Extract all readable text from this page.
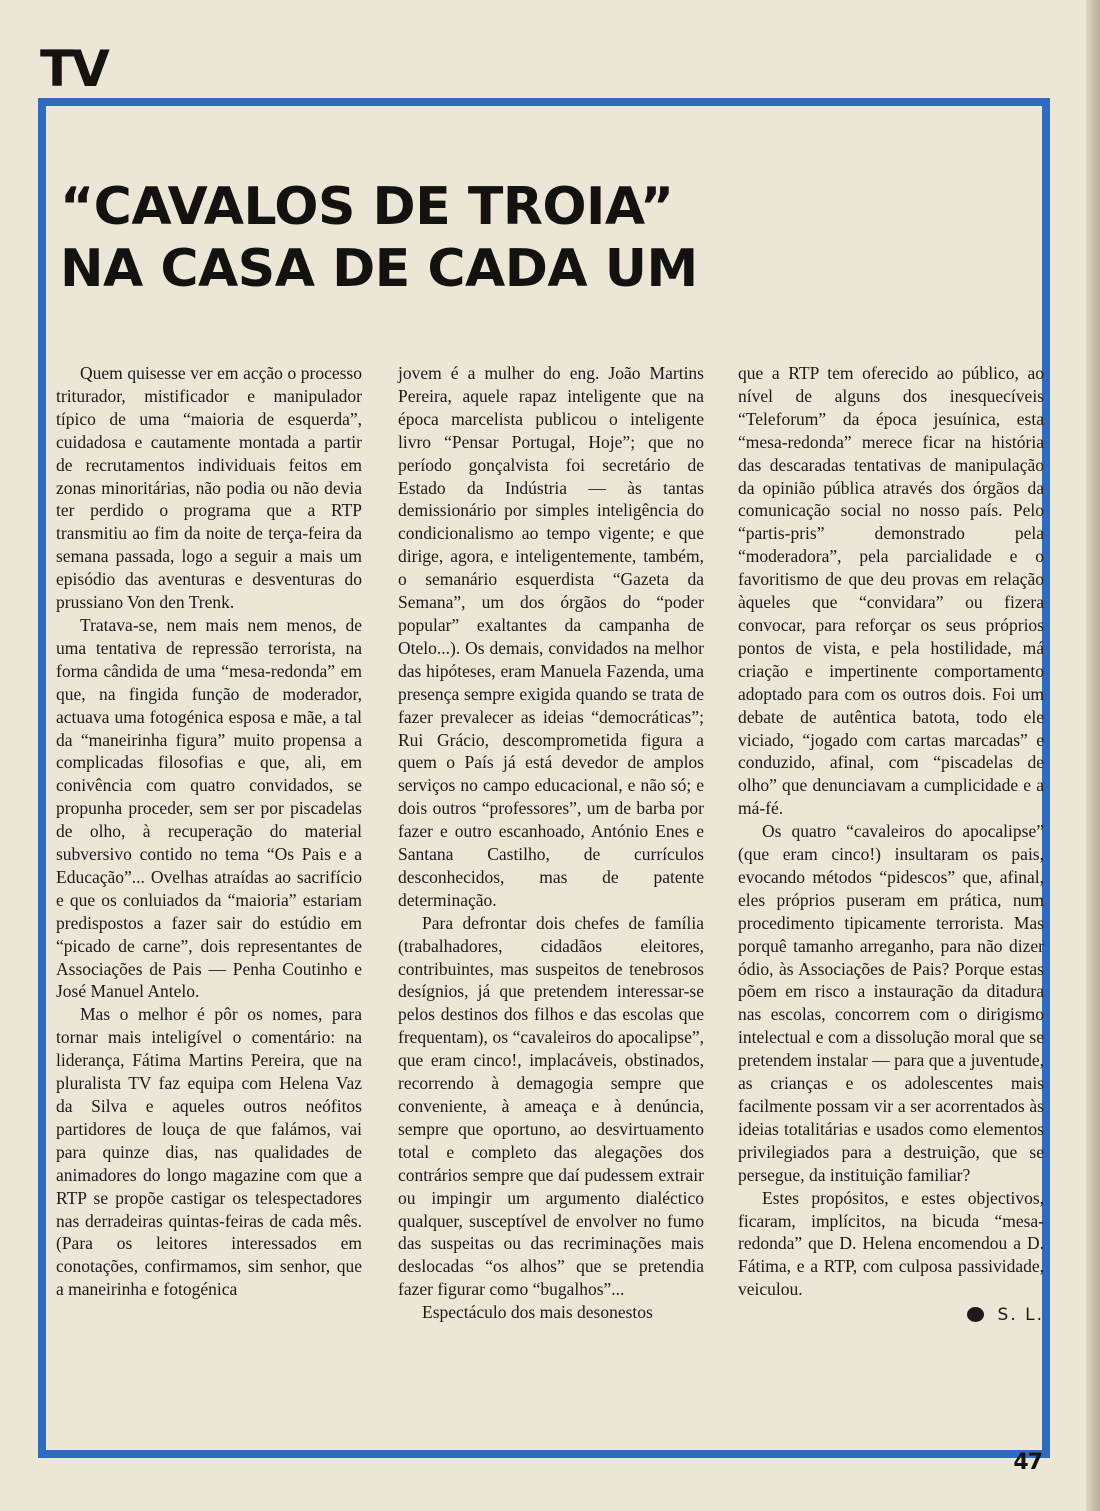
TV
“CAVALOS DE TROIA”
NA CASA DE CADA UM

Quem quisesse ver em acção o processo triturador, mistificador e manipulador típico de uma “maioria de esquerda”, cuidadosa e cautamente montada a partir de recrutamentos individuais feitos em zonas minoritárias, não podia ou não devia ter perdido o programa que a RTP transmitiu ao fim da noite de terça-feira da semana passada, logo a seguir a mais um episódio das aventuras e desventuras do prussiano Von den Trenk.

Tratava-se, nem mais nem menos, de uma tentativa de repressão terrorista, na forma cândida de uma “mesa-redonda” em que, na fingida função de moderador, actuava uma fotogénica esposa e mãe, a tal da “maneirinha figura” muito propensa a complicadas filosofias e que, ali, em conivência com quatro convidados, se propunha proceder, sem ser por piscadelas de olho, à recuperação do material subversivo contido no tema “Os Pais e a Educação”... Ovelhas atraídas ao sacrifício e que os conluiados da “maioria” estariam predispostos a fazer sair do estúdio em “picado de carne”, dois representantes de Associações de Pais — Penha Coutinho e José Manuel Antelo.

Mas o melhor é pôr os nomes, para tornar mais inteligível o comentário: na liderança, Fátima Martins Pereira, que na pluralista TV faz equipa com Helena Vaz da Silva e aqueles outros neófitos partidores de louça de que falámos, vai para quinze dias, nas qualidades de animadores do longo magazine com que a RTP se propõe castigar os telespectadores nas derradeiras quintas-feiras de cada mês. (Para os leitores interessados em conotações, confirmamos, sim senhor, que a maneirinha e fotogénica

jovem é a mulher do eng. João Martins Pereira, aquele rapaz inteligente que na época marcelista publicou o inteligente livro “Pensar Portugal, Hoje”; que no período gonçalvista foi secretário de Estado da Indústria — às tantas demissionário por simples inteligência do condicionalismo ao tempo vigente; e que dirige, agora, e inteligentemente, também, o semanário esquerdista “Gazeta da Semana”, um dos órgãos do “poder popular” exaltantes da campanha de Otelo...). Os demais, convidados na melhor das hipóteses, eram Manuela Fazenda, uma presença sempre exigida quando se trata de fazer prevalecer as ideias “democráticas”; Rui Grácio, descomprometida figura a quem o País já está devedor de amplos serviços no campo educacional, e não só; e dois outros “professores”, um de barba por fazer e outro escanhoado, António Enes e Santana Castilho, de currículos desconhecidos, mas de patente determinação.

Para defrontar dois chefes de família (trabalhadores, cidadãos eleitores, contribuintes, mas suspeitos de tenebrosos desígnios, já que pretendem interessar-se pelos destinos dos filhos e das escolas que frequentam), os “cavaleiros do apocalipse”, que eram cinco!, implacáveis, obstinados, recorrendo à demagogia sempre que conveniente, à ameaça e à denúncia, sempre que oportuno, ao desvirtuamento total e completo das alegações dos contrários sempre que daí pudessem extrair ou impingir um argumento dialéctico qualquer, susceptível de envolver no fumo das suspeitas ou das recriminações mais deslocadas “os alhos” que se pretendia fazer figurar como “bugalhos”...

Espectáculo dos mais desonestos

que a RTP tem oferecido ao público, ao nível de alguns dos inesquecíveis “Teleforum” da época jesuínica, esta “mesa-redonda” merece ficar na história das descaradas tentativas de manipulação da opinião pública através dos órgãos da comunicação social no nosso país. Pelo “partis-pris” demonstrado pela “moderadora”, pela parcialidade e o favoritismo de que deu provas em relação àqueles que “convidara” ou fizera convocar, para reforçar os seus próprios pontos de vista, e pela hostilidade, má criação e impertinente comportamento adoptado para com os outros dois. Foi um debate de autêntica batota, todo ele viciado, “jogado com cartas marcadas” e conduzido, afinal, com “piscadelas de olho” que denunciavam a cumplicidade e a má-fé.

Os quatro “cavaleiros do apocalipse” (que eram cinco!) insultaram os pais, evocando métodos “pidescos” que, afinal, eles próprios puseram em prática, num procedimento tipicamente terrorista. Mas porquê tamanho arreganho, para não dizer ódio, às Associações de Pais? Porque estas põem em risco a instauração da ditadura nas escolas, concorrem com o dirigismo intelectual e com a dissolução moral que se pretendem instalar — para que a juventude, as crianças e os adolescentes mais facilmente possam vir a ser acorrentados às ideias totalitárias e usados como elementos privilegiados para a destruição, que se persegue, da instituição familiar?

Estes propósitos, e estes objectivos, ficaram, implícitos, na bicuda “mesa-redonda” que D. Helena encomendou a D. Fátima, e a RTP, com culposa passividade, veiculou.

S. L.
47
